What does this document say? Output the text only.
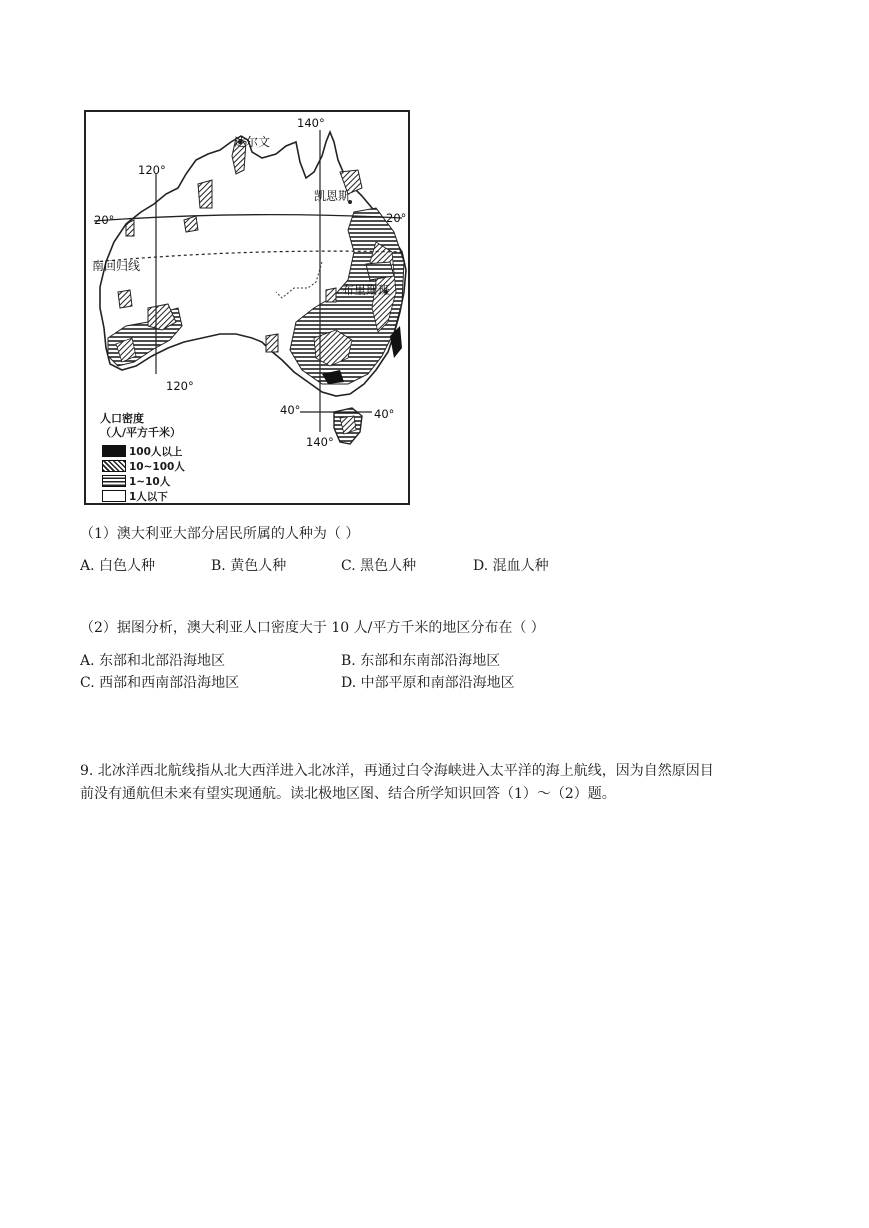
140°
达尔文
120°
凯恩斯
20°	20°
南回归线
布里斯班
120°
40°	40°
140°
人口密度
（人/平方千米）
100人以上
10~100人
1~10人
1人以下
（1）澳大利亚大部分居民所属的人种为（ ）
A. 白色人种	B. 黄色人种	C. 黑色人种	D. 混血人种
（2）据图分析，澳大利亚人口密度大于 10 人/平方千米的地区分布在（ ）
A. 东部和北部沿海地区	B. 东部和东南部沿海地区
C. 西部和西南部沿海地区	D. 中部平原和南部沿海地区
9. 北冰洋西北航线指从北大西洋进入北冰洋，再通过白令海峡进入太平洋的海上航线，因为自然原因目
前没有通航但未来有望实现通航。读北极地区图、结合所学知识回答（1）～（2）题。
